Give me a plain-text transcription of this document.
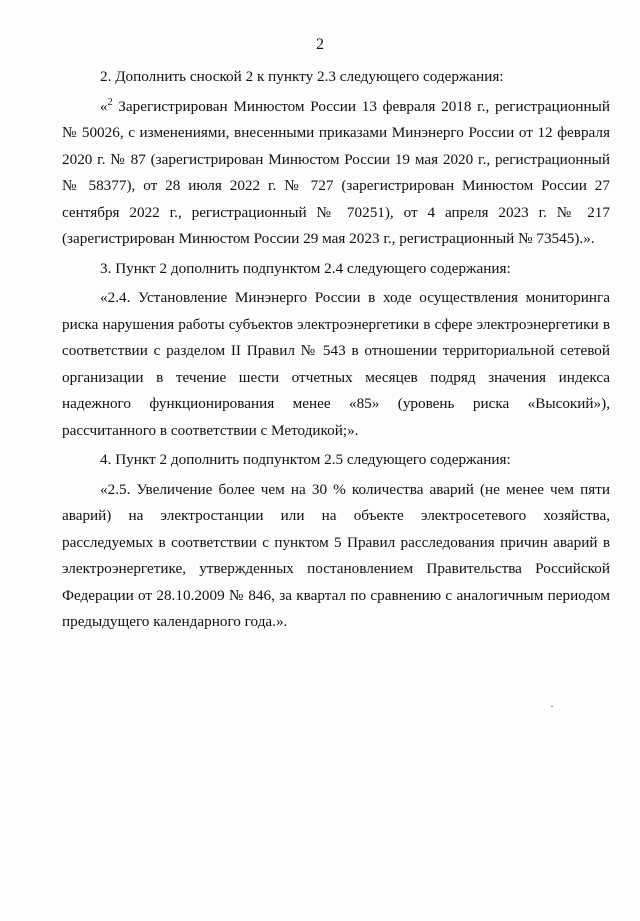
2

2. Дополнить сноской 2 к пункту 2.3 следующего содержания:

«$^2$ Зарегистрирован Минюстом России 13 февраля 2018 г., регистрационный № 50026, с изменениями, внесенными приказами Минэнерго России от 12 февраля 2020 г. № 87 (зарегистрирован Минюстом России 19 мая 2020 г., регистрационный № 58377), от 28 июля 2022 г. № 727 (зарегистрирован Минюстом России 27 сентября 2022 г., регистрационный № 70251), от 4 апреля 2023 г. № 217 (зарегистрирован Минюстом России 29 мая 2023 г., регистрационный № 73545).».

3. Пункт 2 дополнить подпунктом 2.4 следующего содержания:

«2.4. Установление Минэнерго России в ходе осуществления мониторинга риска нарушения работы субъектов электроэнергетики в сфере электроэнергетики в соответствии с разделом II Правил № 543 в отношении территориальной сетевой организации в течение шести отчетных месяцев подряд значения индекса надежного функционирования менее «85» (уровень риска «Высокий»), рассчитанного в соответствии с Методикой;».

4. Пункт 2 дополнить подпунктом 2.5 следующего содержания:

«2.5. Увеличение более чем на 30 % количества аварий (не менее чем пяти аварий) на электростанции или на объекте электросетевого хозяйства, расследуемых в соответствии с пунктом 5 Правил расследования причин аварий в электроэнергетике, утвержденных постановлением Правительства Российской Федерации от 28.10.2009 № 846, за квартал по сравнению с аналогичным периодом предыдущего календарного года.».
